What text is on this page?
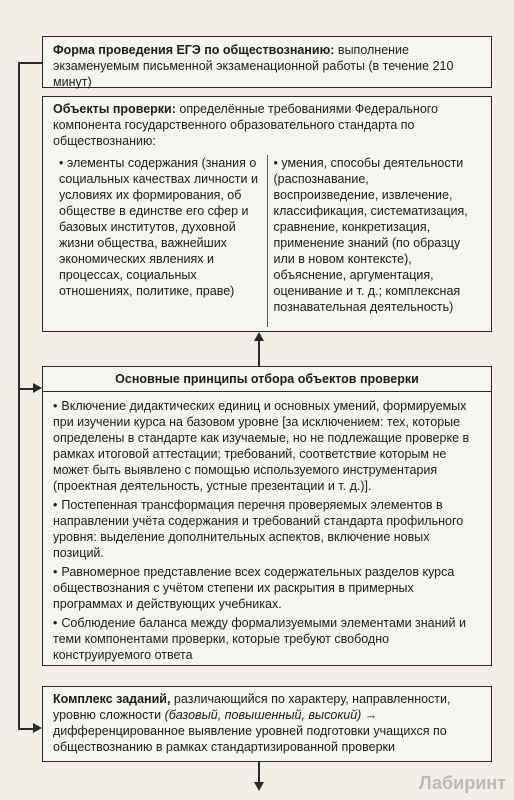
Форма проведения ЕГЭ по обществознанию: выполнение экзаменуемым письменной экзаменационной работы (в течение 210 минут)
Объекты проверки: определённые требованиями Федерального компонента государственного образовательного стандарта по обществознанию:
• элементы содержания (знания о социальных качествах личности и условиях их формирования, об обществе в единстве его сфер и базовых институтов, духовной жизни общества, важнейших экономических явлениях и процессах, социальных отношениях, политике, праве)
• умения, способы деятельности (распознавание, воспроизведение, извлечение, классификация, систематизация, сравнение, конкретизация, применение знаний (по образцу или в новом контексте), объяснение, аргументация, оценивание и т. д.; комплексная познавательная деятельность)
Основные принципы отбора объектов проверки
• Включение дидактических единиц и основных умений, формируемых при изучении курса на базовом уровне [за исключением: тех, которые определены в стандарте как изучаемые, но не подлежащие проверке в рамках итоговой аттестации; требований, соответствие которым не может быть выявлено с помощью используемого инструментария (проектная деятельность, устные презентации и т. д.)].
• Постепенная трансформация перечня проверяемых элементов в направлении учёта содержания и требований стандарта профильного уровня: выделение дополнительных аспектов, включение новых позиций.
• Равномерное представление всех содержательных разделов курса обществознания с учётом степени их раскрытия в примерных программах и действующих учебниках.
• Соблюдение баланса между формализуемыми элементами знаний и теми компонентами проверки, которые требуют свободно конструируемого ответа
Комплекс заданий, различающийся по характеру, направленности, уровню сложности (базовый, повышенный, высокий) → дифференцированное выявление уровней подготовки учащихся по обществознанию в рамках стандартизированной проверки
Лабиринт
